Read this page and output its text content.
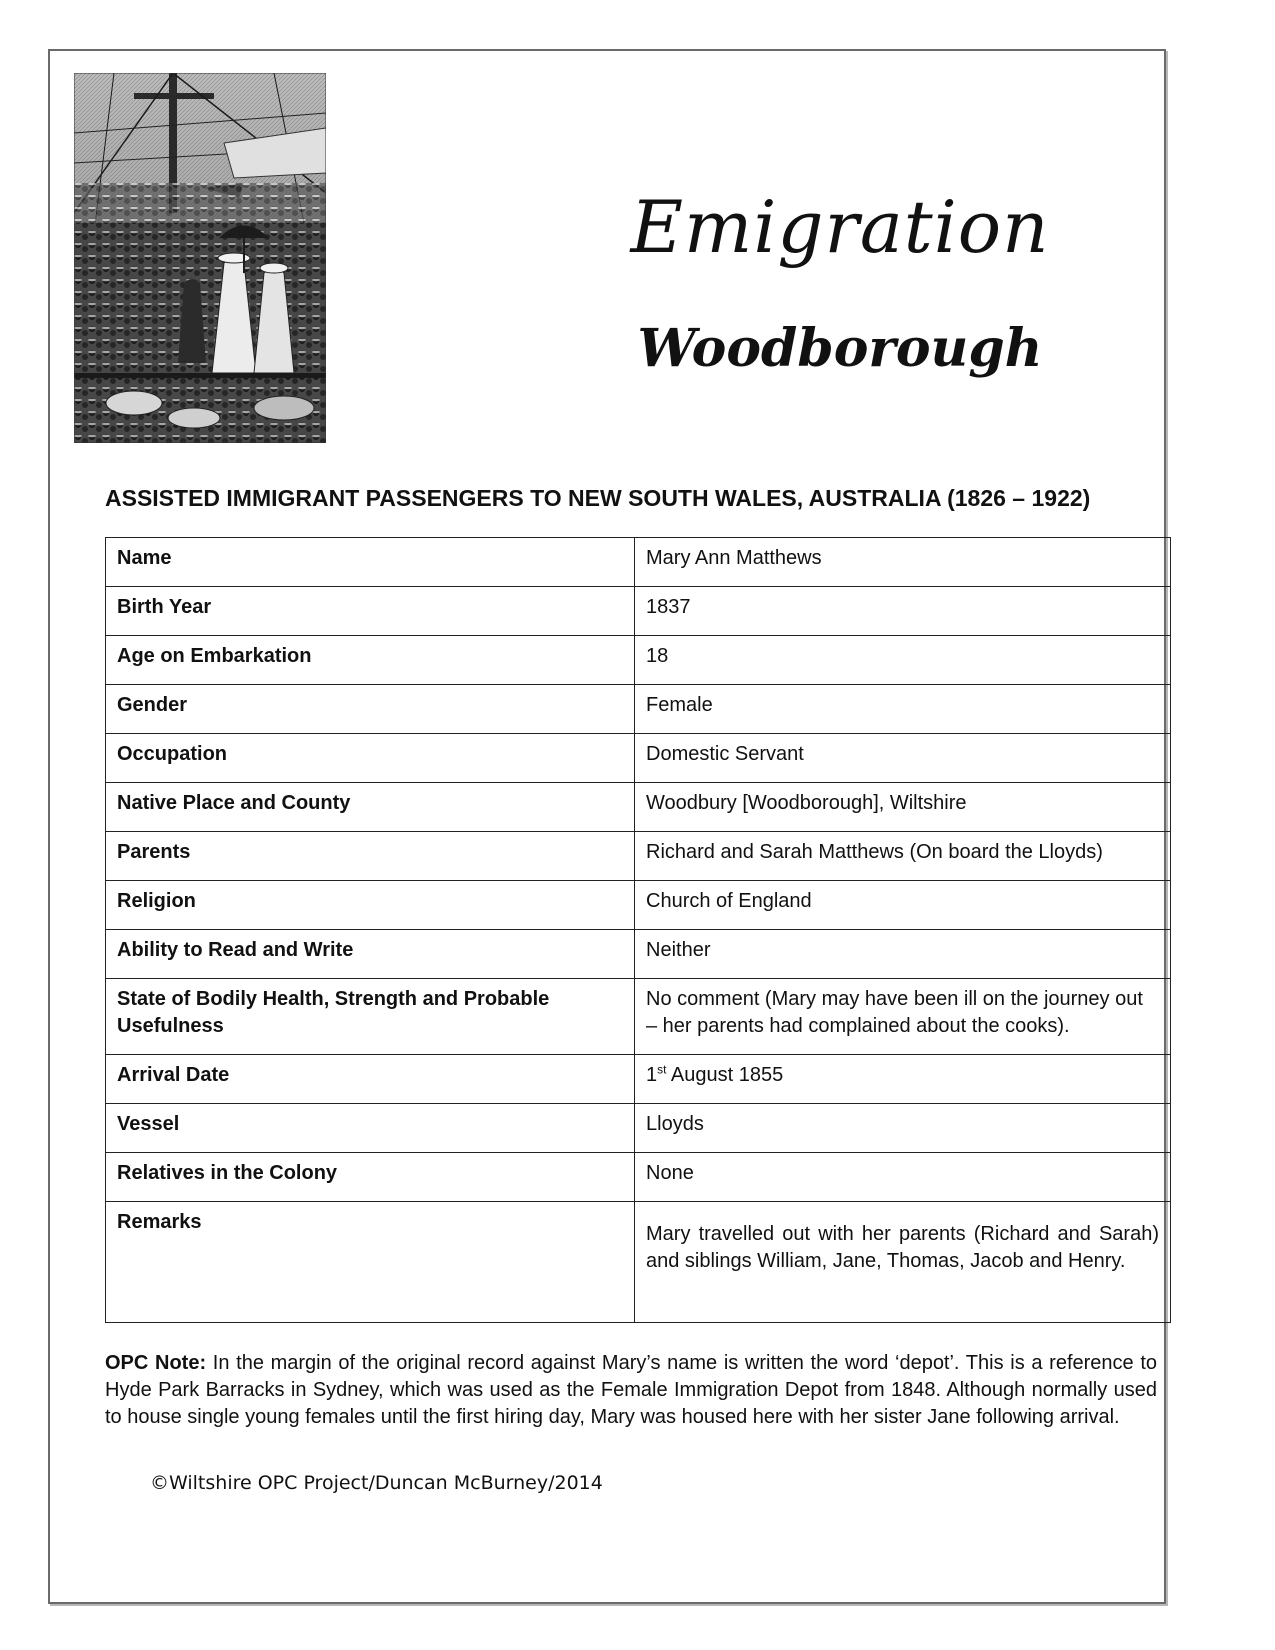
Emigration
Woodborough
ASSISTED IMMIGRANT PASSENGERS TO NEW SOUTH WALES, AUSTRALIA (1826 – 1922)
Name	Mary Ann Matthews
Birth Year	1837
Age on Embarkation	18
Gender	Female
Occupation	Domestic Servant
Native Place and County	Woodbury [Woodborough], Wiltshire
Parents	Richard and Sarah Matthews (On board the Lloyds)
Religion	Church of England
Ability to Read and Write	Neither
State of Bodily Health, Strength and Probable Usefulness	No comment (Mary may have been ill on the journey out – her parents had complained about the cooks).
Arrival Date	1st August 1855
Vessel	Lloyds
Relatives in the Colony	None
Remarks	Mary travelled out with her parents (Richard and Sarah) and siblings William, Jane, Thomas, Jacob and Henry.
OPC Note: In the margin of the original record against Mary’s name is written the word ‘depot’. This is a reference to Hyde Park Barracks in Sydney, which was used as the Female Immigration Depot from 1848. Although normally used to house single young females until the first hiring day, Mary was housed here with her sister Jane following arrival.
©Wiltshire OPC Project/Duncan McBurney/2014
